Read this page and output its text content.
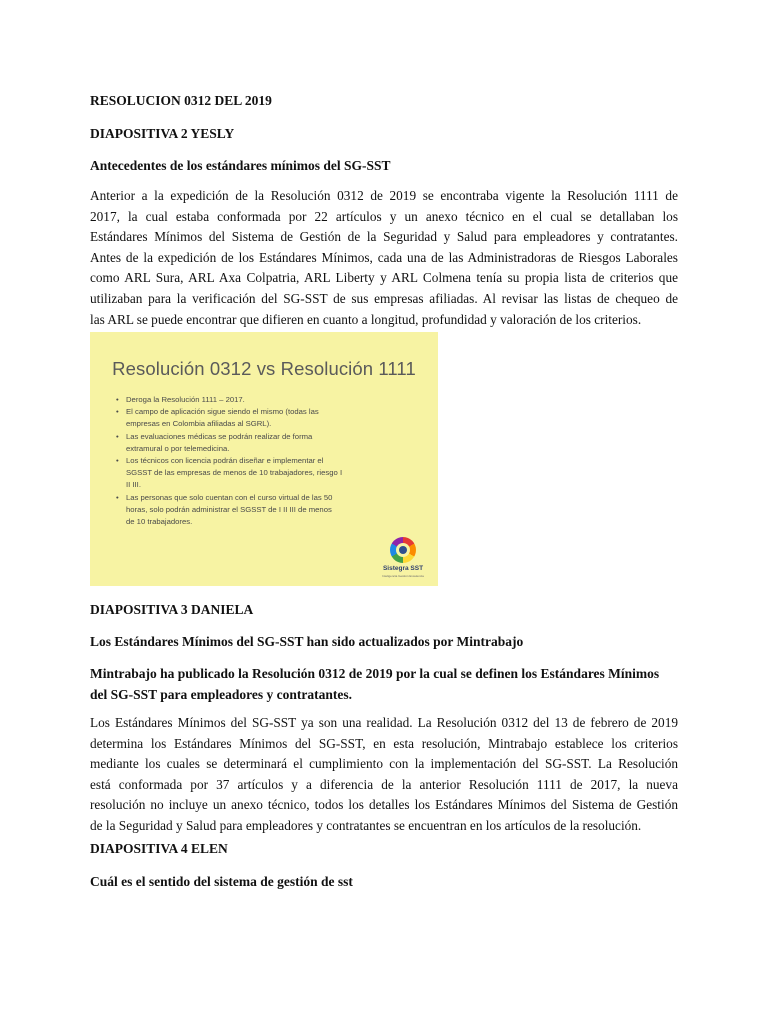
RESOLUCION 0312 DEL 2019
DIAPOSITIVA 2 YESLY
Antecedentes de los estándares mínimos del SG-SST
Anterior a la expedición de la Resolución 0312 de 2019 se encontraba vigente la Resolución 1111 de
2017, la cual estaba conformada por 22 artículos y un anexo técnico en el cual se detallaban los
Estándares Mínimos del Sistema de Gestión de la Seguridad y Salud para empleadores y contratantes.
Antes de la expedición de los Estándares Mínimos, cada una de las Administradoras de Riesgos Laborales
como ARL Sura, ARL Axa Colpatria, ARL Liberty y ARL Colmena tenía su propia lista de criterios que
utilizaban para la verificación del SG-SST de sus empresas afiliadas. Al revisar las listas de chequeo de
las ARL se puede encontrar que difieren en cuanto a longitud, profundidad y valoración de los criterios.
Resolución 0312 vs Resolución 1111
• Deroga la Resolución 1111 – 2017.
• El campo de aplicación sigue siendo el mismo (todas las
empresas en Colombia afiliadas al SGRL).
• Las evaluaciones médicas se podrán realizar de forma
extramural o por telemedicina.
• Los técnicos con licencia podrán diseñar e implementar el
SGSST de las empresas de menos de 10 trabajadores, riesgo I
II III.
• Las personas que solo cuentan con el curso virtual de las 50
horas, solo podrán administrar el SGSST de I II III de menos
de 10 trabajadores.
Sistegra SST
Inteligencia Gestión Excelencia
DIAPOSITIVA 3 DANIELA
Los Estándares Mínimos del SG-SST han sido actualizados por Mintrabajo
Mintrabajo ha publicado la Resolución 0312 de 2019 por la cual se definen los Estándares Mínimos
del SG-SST para empleadores y contratantes.
Los Estándares Mínimos del SG-SST ya son una realidad. La Resolución 0312 del 13 de febrero de 2019
determina los Estándares Mínimos del SG-SST, en esta resolución, Mintrabajo establece los criterios
mediante los cuales se determinará el cumplimiento con la implementación del SG-SST. La Resolución
está conformada por 37 artículos y a diferencia de la anterior Resolución 1111 de 2017, la nueva
resolución no incluye un anexo técnico, todos los detalles los Estándares Mínimos del Sistema de Gestión
de la Seguridad y Salud para empleadores y contratantes se encuentran en los artículos de la resolución.
DIAPOSITIVA 4 ELEN
Cuál es el sentido del sistema de gestión de sst
